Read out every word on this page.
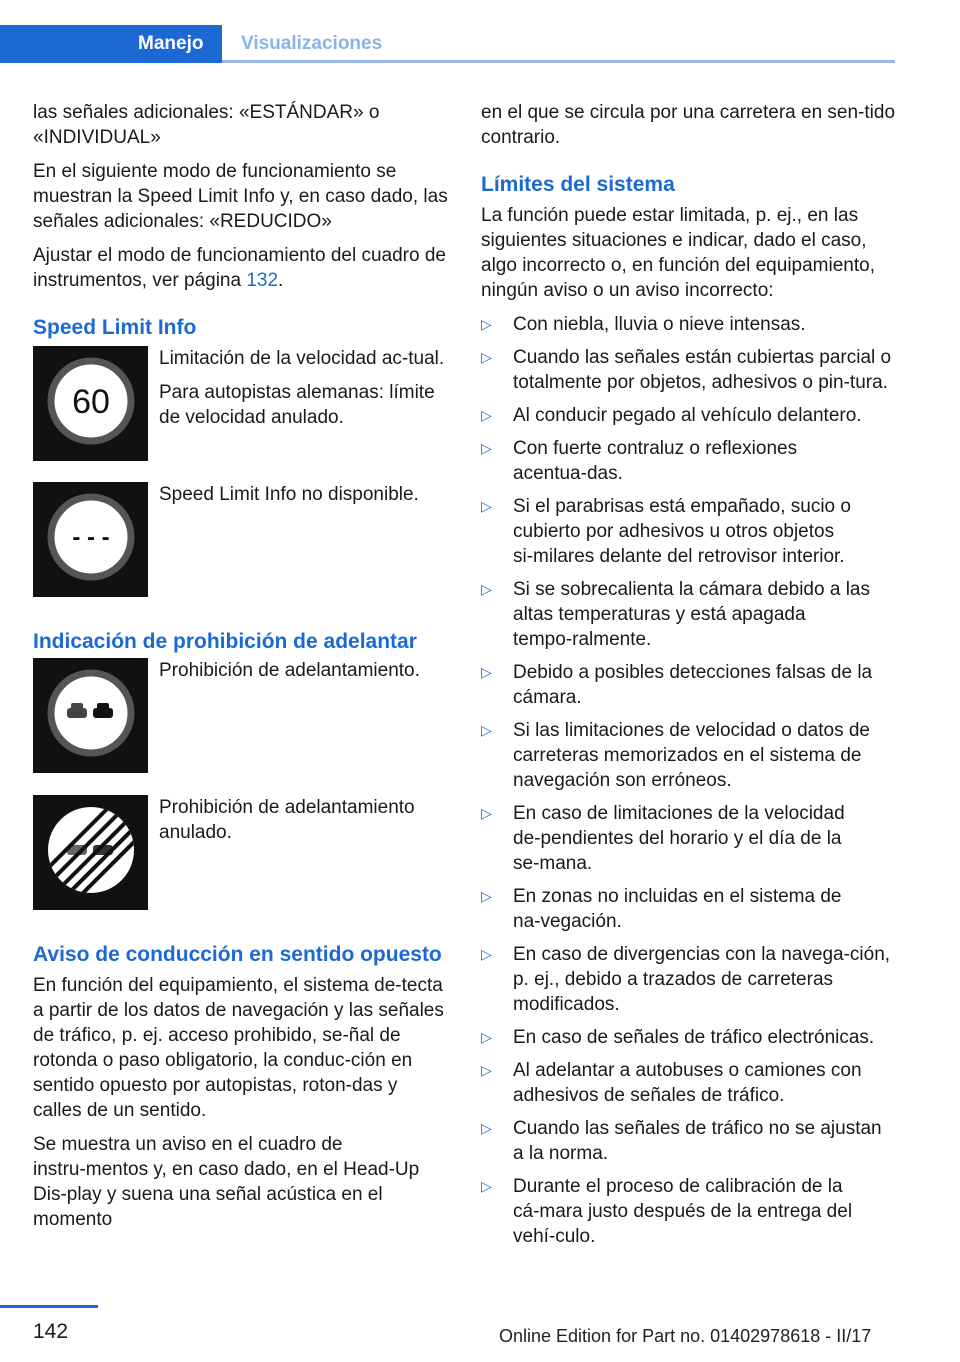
Manejo	Visualizaciones

las señales adicionales: «ESTÁNDAR» o «INDIVIDUAL»

En el siguiente modo de funcionamiento se muestran la Speed Limit Info y, en caso dado, las señales adicionales: «REDUCIDO»

Ajustar el modo de funcionamiento del cuadro de instrumentos, ver página 132.

Speed Limit Info
60

Limitación de la velocidad ac‑tual.

Para autopistas alemanas: límite de velocidad anulado.

- - -

Speed Limit Info no disponible.

Indicación de prohibición de adelantar

Prohibición de adelantamiento.

Prohibición de adelantamiento anulado.

Aviso de conducción en sentido opuesto

En función del equipamiento, el sistema de‑tecta a partir de los datos de navegación y las señales de tráfico, p. ej. acceso prohibido, se‑ñal de rotonda o paso obligatorio, la conduc‑ción en sentido opuesto por autopistas, roton‑das y calles de un sentido.

Se muestra un aviso en el cuadro de instru‑mentos y, en caso dado, en el Head-Up Dis‑play y suena una señal acústica en el momento

en el que se circula por una carretera en sen‑tido contrario.

Límites del sistema

La función puede estar limitada, p. ej., en las siguientes situaciones e indicar, dado el caso, algo incorrecto o, en función del equipamiento, ningún aviso o un aviso incorrecto:

▷ Con niebla, lluvia o nieve intensas.
▷ Cuando las señales están cubiertas parcial o totalmente por objetos, adhesivos o pin‑tura.
▷ Al conducir pegado al vehículo delantero.
▷ Con fuerte contraluz o reflexiones acentua‑das.
▷ Si el parabrisas está empañado, sucio o cubierto por adhesivos u otros objetos si‑milares delante del retrovisor interior.
▷ Si se sobrecalienta la cámara debido a las altas temperaturas y está apagada tempo‑ralmente.
▷ Debido a posibles detecciones falsas de la cámara.
▷ Si las limitaciones de velocidad o datos de carreteras memorizados en el sistema de navegación son erróneos.
▷ En caso de limitaciones de la velocidad de‑pendientes del horario y el día de la se‑mana.
▷ En zonas no incluidas en el sistema de na‑vegación.
▷ En caso de divergencias con la navega‑ción, p. ej., debido a trazados de carreteras modificados.
▷ En caso de señales de tráfico electrónicas.
▷ Al adelantar a autobuses o camiones con adhesivos de señales de tráfico.
▷ Cuando las señales de tráfico no se ajustan a la norma.
▷ Durante el proceso de calibración de la cá‑mara justo después de la entrega del vehí‑culo.
142	Online Edition for Part no. 01402978618 - II/17
